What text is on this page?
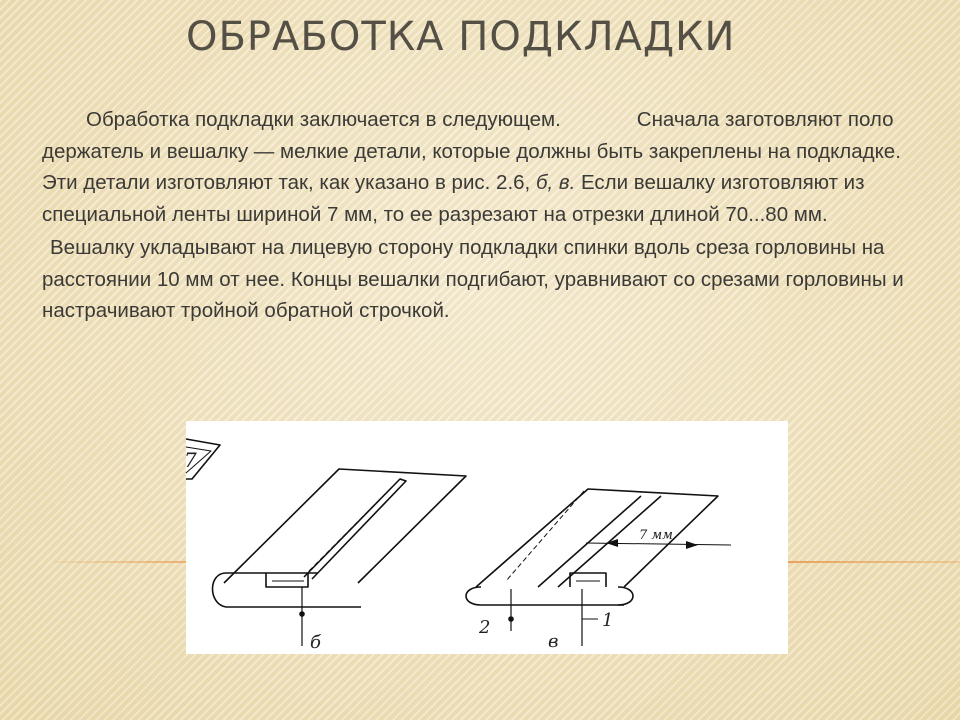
ОБРАБОТКА ПОДКЛАДКИ

Обработка подкладки заключается в следующем.	Сначала заготовляют поло держатель и вешалку — мелкие детали, которые должны быть закреплены на подкладке. Эти детали изготовляют так, как указано в рис. 2.6, б, в. Если вешалку изготовляют из специальной ленты шириной 7 мм, то ее разрезают на отрезки длиной 70...80 мм.

Вешалку укладывают на лицевую сторону подкладки спинки вдоль среза горловины на расстоянии 10 мм от нее. Концы вешалки подгибают, уравнивают со срезами горловины и настрачивают тройной обратной строчкой.

7
б
7 мм
2	1
в
